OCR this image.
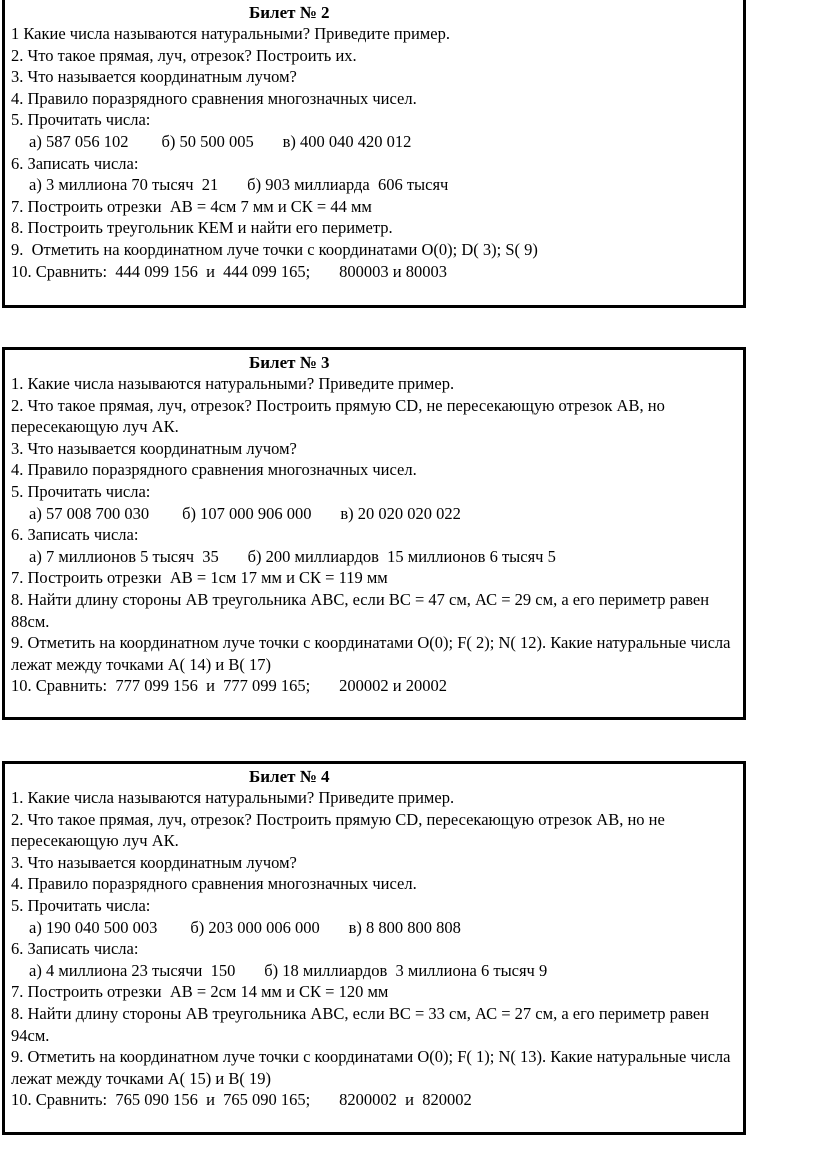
Билет № 2
1 Какие числа называются натуральными? Приведите пример.
2. Что такое прямая, луч, отрезок? Построить их.
3. Что называется координатным лучом?
4. Правило поразрядного сравнения многозначных чисел.
5. Прочитать числа:
а) 587 056 102        б) 50 500 005       в) 400 040 420 012
6. Записать числа:
а) 3 миллиона 70 тысяч  21       б) 903 миллиарда  606 тысяч
7. Построить отрезки  АВ = 4см 7 мм и СК = 44 мм
8. Построить треугольник КЕМ и найти его периметр.
9.  Отметить на координатном луче точки с координатами О(0); D( 3); S( 9)
10. Сравнить:  444 099 156  и  444 099 165;       800003 и 80003
Билет № 3
1. Какие числа называются натуральными? Приведите пример.
2. Что такое прямая, луч, отрезок? Построить прямую CD, не пересекающую отрезок АВ, но пересекающую луч АК.
3. Что называется координатным лучом?
4. Правило поразрядного сравнения многозначных чисел.
5. Прочитать числа:
а) 57 008 700 030        б) 107 000 906 000       в) 20 020 020 022
6. Записать числа:
а) 7 миллионов 5 тысяч  35       б) 200 миллиардов  15 миллионов 6 тысяч 5
7. Построить отрезки  АВ = 1см 17 мм и СК = 119 мм
8. Найти длину стороны АВ треугольника АВС, если ВС = 47 см, АС = 29 см, а его периметр равен 88см.
9. Отметить на координатном луче точки с координатами О(0); F( 2); N( 12). Какие натуральные числа лежат между точками А( 14) и В( 17)
10. Сравнить:  777 099 156  и  777 099 165;       200002 и 20002
Билет № 4
1. Какие числа называются натуральными? Приведите пример.
2. Что такое прямая, луч, отрезок? Построить прямую CD, пересекающую отрезок АВ, но не пересекающую луч АК.
3. Что называется координатным лучом?
4. Правило поразрядного сравнения многозначных чисел.
5. Прочитать числа:
а) 190 040 500 003        б) 203 000 006 000       в) 8 800 800 808
6. Записать числа:
а) 4 миллиона 23 тысячи  150       б) 18 миллиардов  3 миллиона 6 тысяч 9
7. Построить отрезки  АВ = 2см 14 мм и СК = 120 мм
8. Найти длину стороны АВ треугольника АВС, если ВС = 33 см, АС = 27 см, а его периметр равен 94см.
9. Отметить на координатном луче точки с координатами О(0); F( 1); N( 13). Какие натуральные числа лежат между точками А( 15) и В( 19)
10. Сравнить:  765 090 156  и  765 090 165;       8200002  и  820002
